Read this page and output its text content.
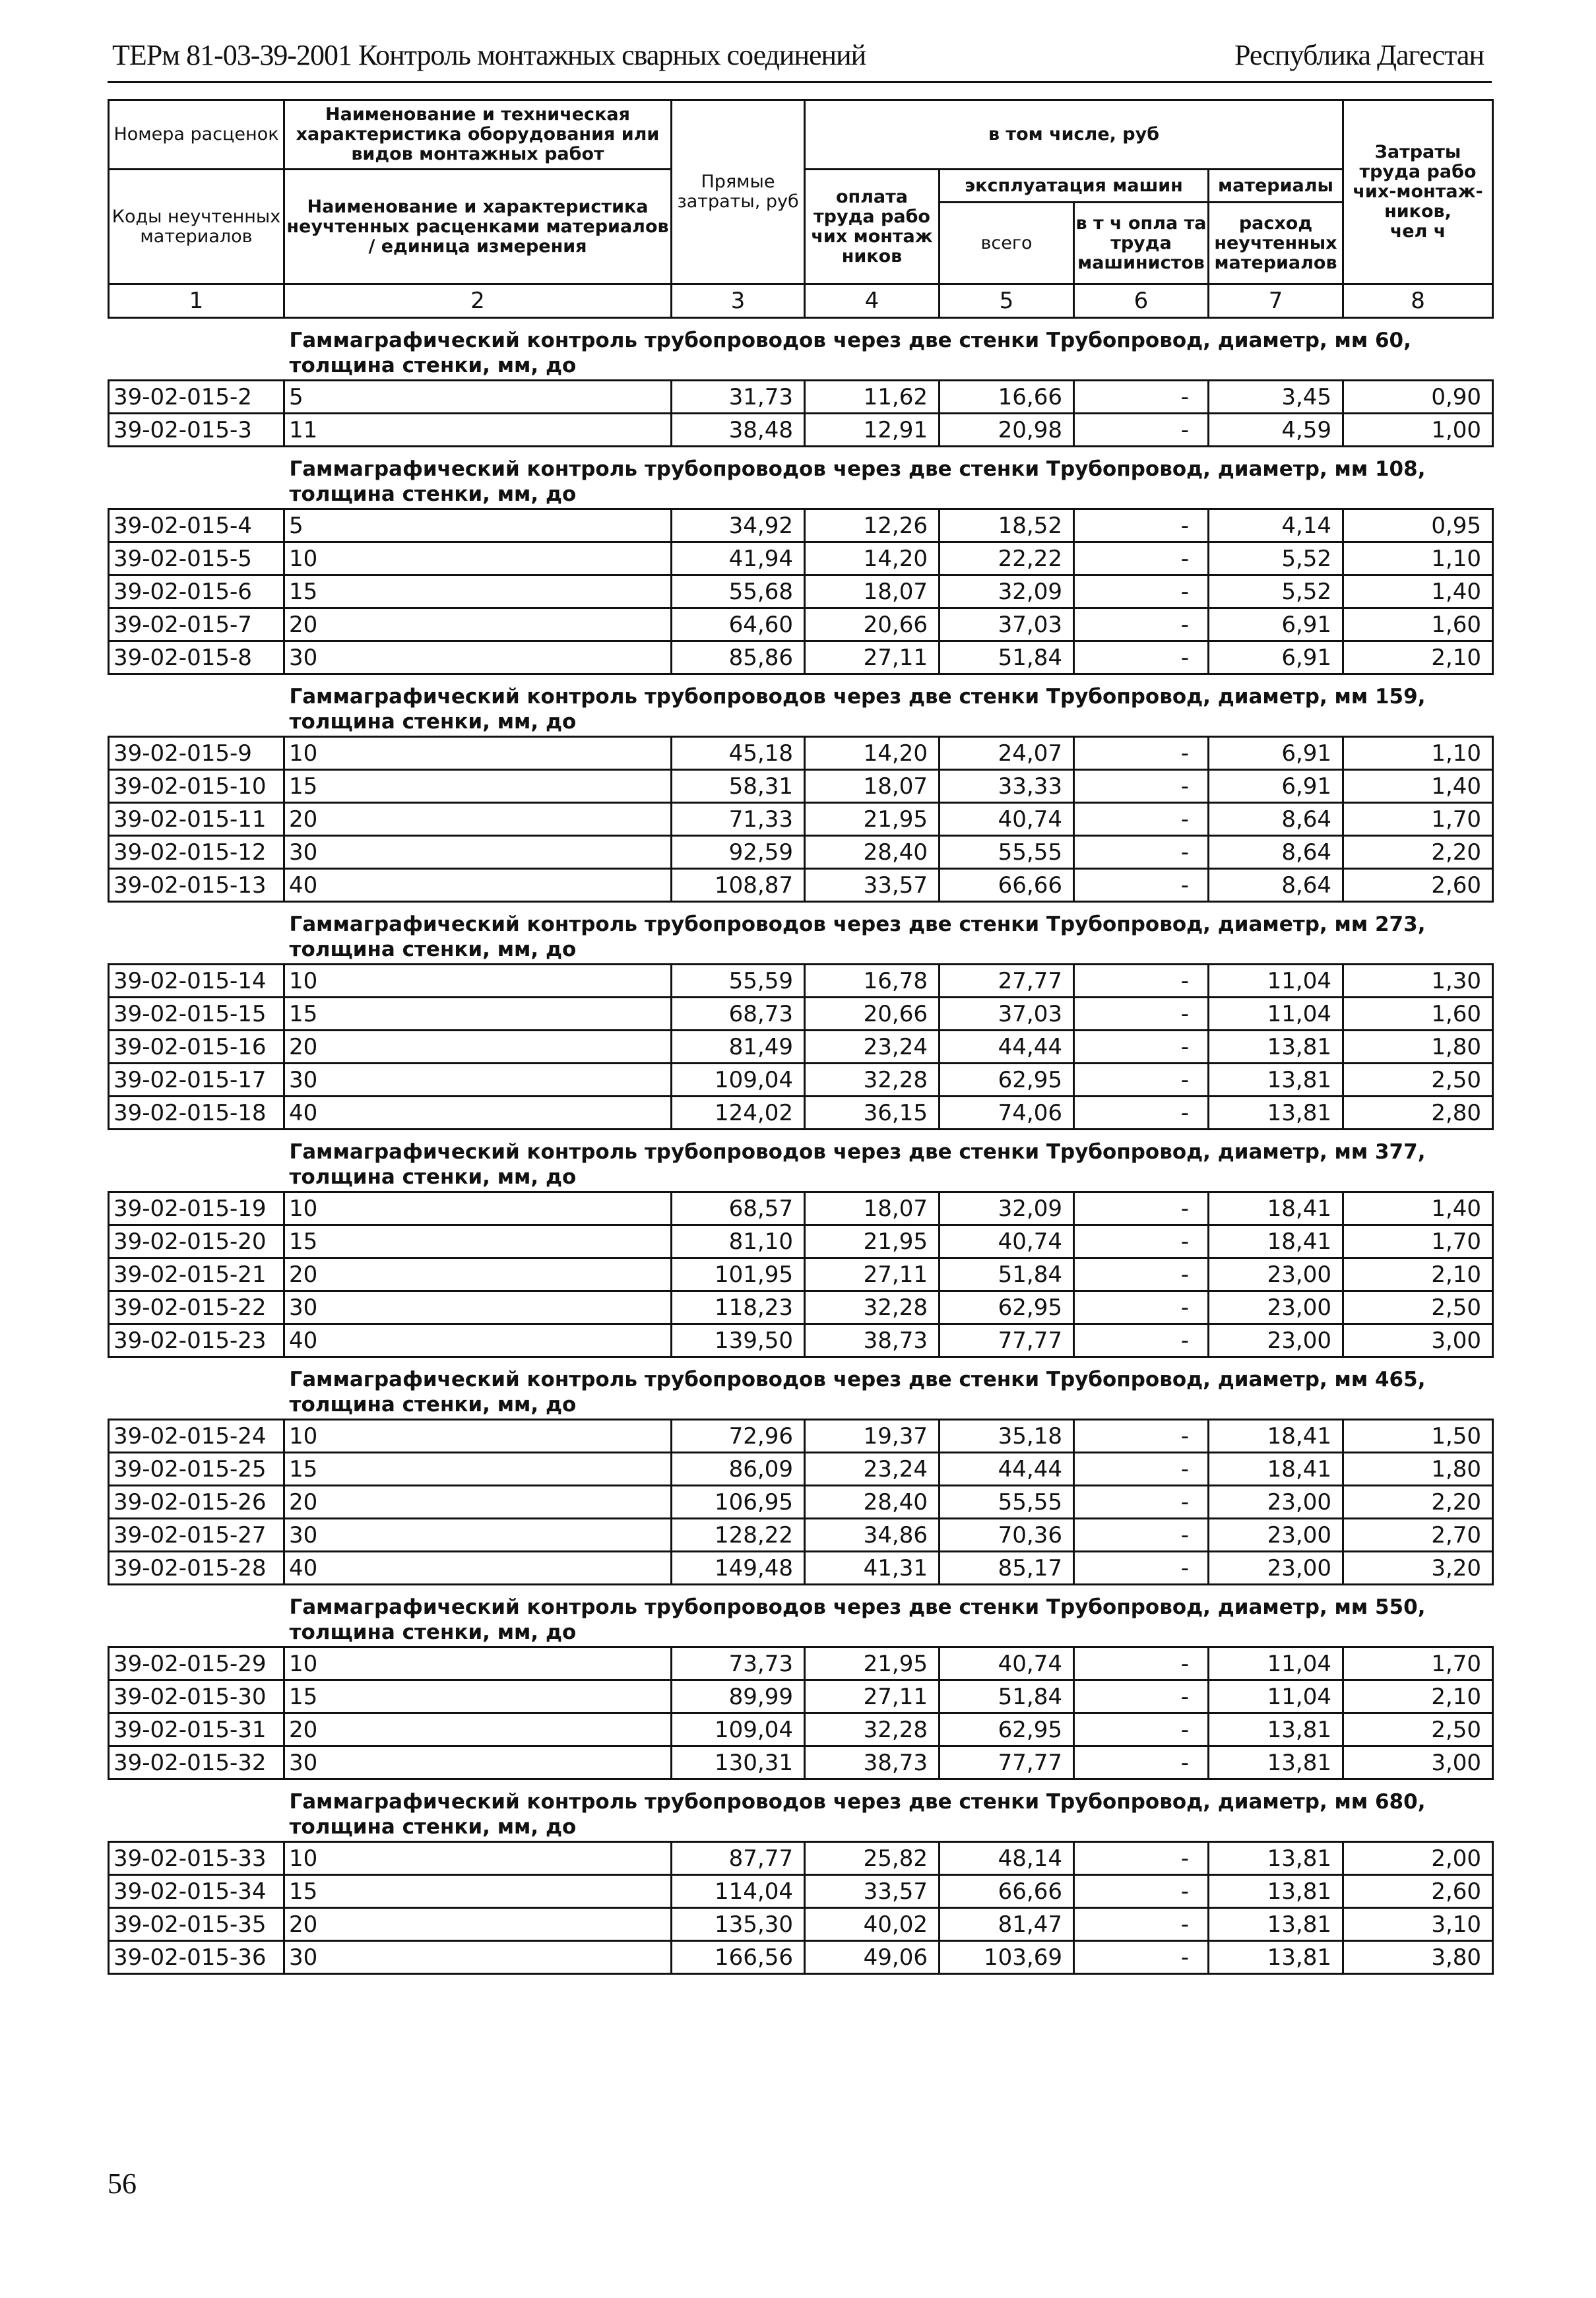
ТЕРм 81-03-39-2001 Контроль монтажных сварных соединений	Республика Дагестан
Номера расценок	Наименование и техническая характеристика оборудования или видов монтажных работ	Прямые затраты, руб	в том числе, руб				Затраты труда рабо чих-монтаж- ников,
чел ч

Коды неучтенных материалов	Наименование и характеристика неучтенных расценками материалов / единица измерения		оплата труда рабо чих монтаж ников	эксплуатация машин		материалы	
				всего	в т ч опла та труда машинистов	расход неучтенных материалов	
1	2	3	4	5	6	7	8
Гаммаграфический контроль трубопроводов через две стенки Трубопровод, диаметр, мм 60, толщина стенки, мм, до							
39-02-015-2	5	31,73	11,62	16,66	-	3,45	0,90
39-02-015-3	11	38,48	12,91	20,98	-	4,59	1,00
Гаммаграфический контроль трубопроводов через две стенки Трубопровод, диаметр, мм 108, толщина стенки, мм, до							
39-02-015-4	5	34,92	12,26	18,52	-	4,14	0,95
39-02-015-5	10	41,94	14,20	22,22	-	5,52	1,10
39-02-015-6	15	55,68	18,07	32,09	-	5,52	1,40
39-02-015-7	20	64,60	20,66	37,03	-	6,91	1,60
39-02-015-8	30	85,86	27,11	51,84	-	6,91	2,10
Гаммаграфический контроль трубопроводов через две стенки Трубопровод, диаметр, мм 159, толщина стенки, мм, до							
39-02-015-9	10	45,18	14,20	24,07	-	6,91	1,10
39-02-015-10	15	58,31	18,07	33,33	-	6,91	1,40
39-02-015-11	20	71,33	21,95	40,74	-	8,64	1,70
39-02-015-12	30	92,59	28,40	55,55	-	8,64	2,20
39-02-015-13	40	108,87	33,57	66,66	-	8,64	2,60
Гаммаграфический контроль трубопроводов через две стенки Трубопровод, диаметр, мм 273, толщина стенки, мм, до							
39-02-015-14	10	55,59	16,78	27,77	-	11,04	1,30
39-02-015-15	15	68,73	20,66	37,03	-	11,04	1,60
39-02-015-16	20	81,49	23,24	44,44	-	13,81	1,80
39-02-015-17	30	109,04	32,28	62,95	-	13,81	2,50
39-02-015-18	40	124,02	36,15	74,06	-	13,81	2,80
Гаммаграфический контроль трубопроводов через две стенки Трубопровод, диаметр, мм 377, толщина стенки, мм, до							
39-02-015-19	10	68,57	18,07	32,09	-	18,41	1,40
39-02-015-20	15	81,10	21,95	40,74	-	18,41	1,70
39-02-015-21	20	101,95	27,11	51,84	-	23,00	2,10
39-02-015-22	30	118,23	32,28	62,95	-	23,00	2,50
39-02-015-23	40	139,50	38,73	77,77	-	23,00	3,00
Гаммаграфический контроль трубопроводов через две стенки Трубопровод, диаметр, мм 465, толщина стенки, мм, до							
39-02-015-24	10	72,96	19,37	35,18	-	18,41	1,50
39-02-015-25	15	86,09	23,24	44,44	-	18,41	1,80
39-02-015-26	20	106,95	28,40	55,55	-	23,00	2,20
39-02-015-27	30	128,22	34,86	70,36	-	23,00	2,70
39-02-015-28	40	149,48	41,31	85,17	-	23,00	3,20
Гаммаграфический контроль трубопроводов через две стенки Трубопровод, диаметр, мм 550, толщина стенки, мм, до							
39-02-015-29	10	73,73	21,95	40,74	-	11,04	1,70
39-02-015-30	15	89,99	27,11	51,84	-	11,04	2,10
39-02-015-31	20	109,04	32,28	62,95	-	13,81	2,50
39-02-015-32	30	130,31	38,73	77,77	-	13,81	3,00
Гаммаграфический контроль трубопроводов через две стенки Трубопровод, диаметр, мм 680, толщина стенки, мм, до							
39-02-015-33	10	87,77	25,82	48,14	-	13,81	2,00
39-02-015-34	15	114,04	33,57	66,66	-	13,81	2,60
39-02-015-35	20	135,30	40,02	81,47	-	13,81	3,10
39-02-015-36	30	166,56	49,06	103,69	-	13,81	3,80
56
